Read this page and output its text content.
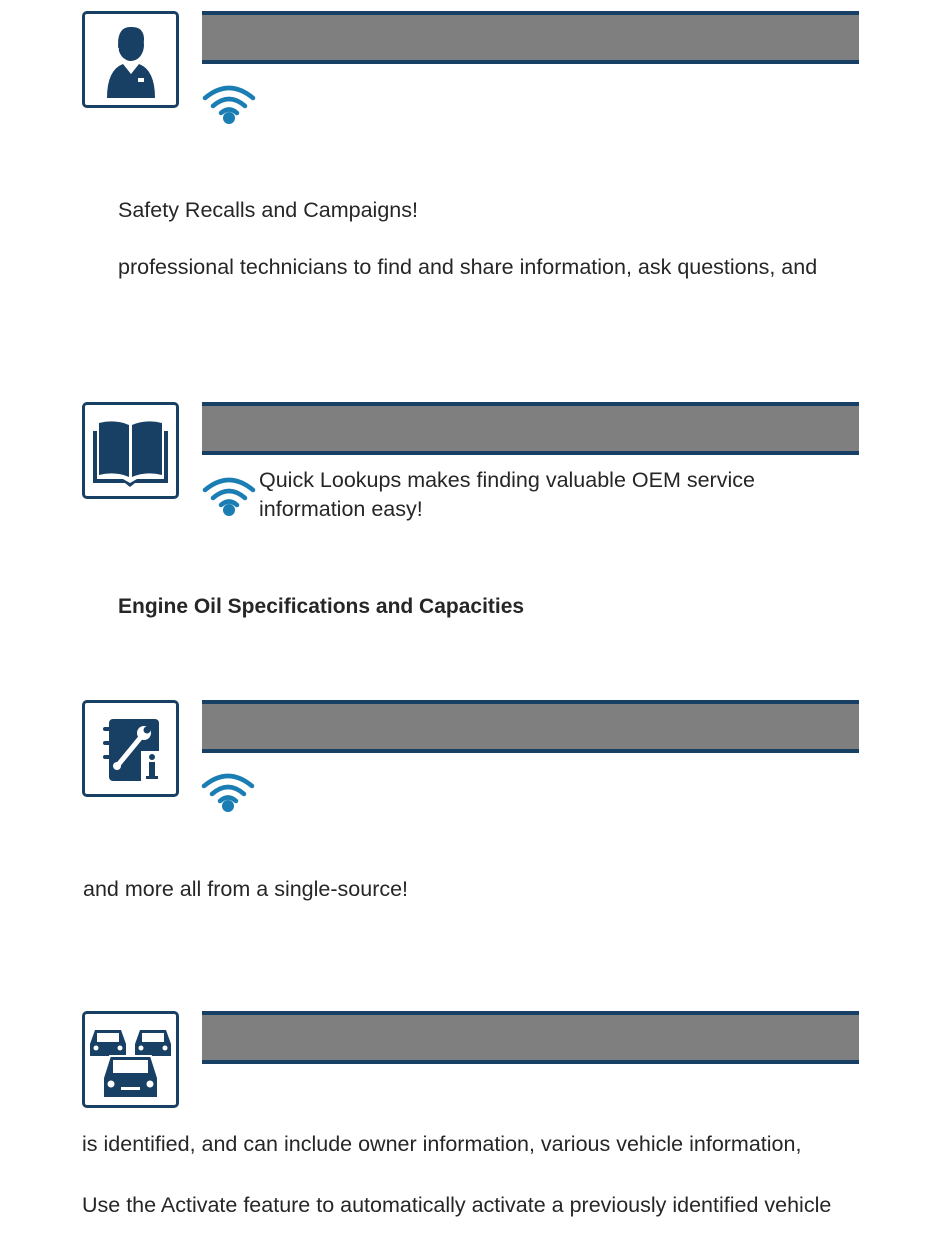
Safety Recalls and Campaigns!
professional technicians to find and share information, ask questions, and
Quick Lookups makes finding valuable OEM service
information easy!
Engine Oil Specifications and Capacities
and more all from a single-source!
is identified, and can include owner information, various vehicle information,
Use the Activate feature to automatically activate a previously identified vehicle
